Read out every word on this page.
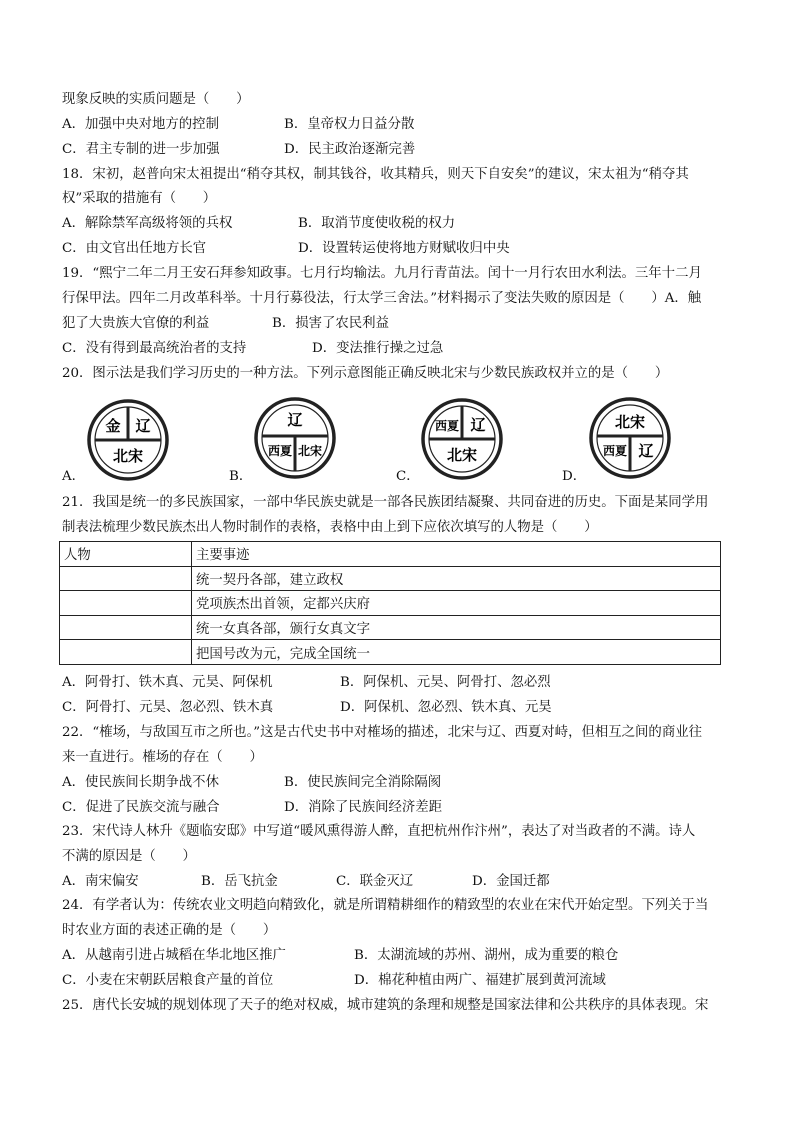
现象反映的实质问题是（　　）
A．加强中央对地方的控制	B．皇帝权力日益分散
C．君主专制的进一步加强	D．民主政治逐渐完善
18．宋初，赵普向宋太祖提出“稍夺其权，制其钱谷，收其精兵，则天下自安矣”的建议，宋太祖为“稍夺其
权”采取的措施有（　　）
A．解除禁军高级将领的兵权	B．取消节度使收税的权力
C．由文官出任地方长官	D．设置转运使将地方财赋收归中央
19．“熙宁二年二月王安石拜参知政事。七月行均输法。九月行青苗法。闰十一月行农田水利法。三年十二月
行保甲法。四年二月改革科举。十月行募役法，行太学三舍法。”材料揭示了变法失败的原因是（　　）A．触
犯了大贵族大官僚的利益	B．损害了农民利益
C．没有得到最高统治者的支持	D．变法推行操之过急
20．图示法是我们学习历史的一种方法。下列示意图能正确反映北宋与少数民族政权并立的是（　　）
金 辽
北宋
辽
西夏 北宋
西夏 辽
北宋
北宋
西夏 辽
A．	B．	C．	D．
21．我国是统一的多民族国家，一部中华民族史就是一部各民族团结凝聚、共同奋进的历史。下面是某同学用
制表法梳理少数民族杰出人物时制作的表格，表格中由上到下应依次填写的人物是（　　）
人物	主要事迹
	统一契丹各部，建立政权
	党项族杰出首领，定都兴庆府
	统一女真各部，颁行女真文字
	把国号改为元，完成全国统一
A．阿骨打、铁木真、元昊、阿保机	B．阿保机、元昊、阿骨打、忽必烈
C．阿骨打、元昊、忽必烈、铁木真	D．阿保机、忽必烈、铁木真、元昊
22．“榷场，与敌国互市之所也。”这是古代史书中对榷场的描述，北宋与辽、西夏对峙，但相互之间的商业往
来一直进行。榷场的存在（　　）
A．使民族间长期争战不休	B．使民族间完全消除隔阂
C．促进了民族交流与融合	D．消除了民族间经济差距
23．宋代诗人林升《题临安邸》中写道“暖风熏得游人醉，直把杭州作汴州”，表达了对当政者的不满。诗人
不满的原因是（　　）
A．南宋偏安	B．岳飞抗金	C．联金灭辽	D．金国迁都
24．有学者认为：传统农业文明趋向精致化，就是所谓精耕细作的精致型的农业在宋代开始定型。下列关于当
时农业方面的表述正确的是（　　）
A．从越南引进占城稻在华北地区推广	B．太湖流域的苏州、湖州，成为重要的粮仓
C．小麦在宋朝跃居粮食产量的首位	D．棉花种植由两广、福建扩展到黄河流域
25．唐代长安城的规划体现了天子的绝对权威，城市建筑的条理和规整是国家法律和公共秩序的具体表现。宋
